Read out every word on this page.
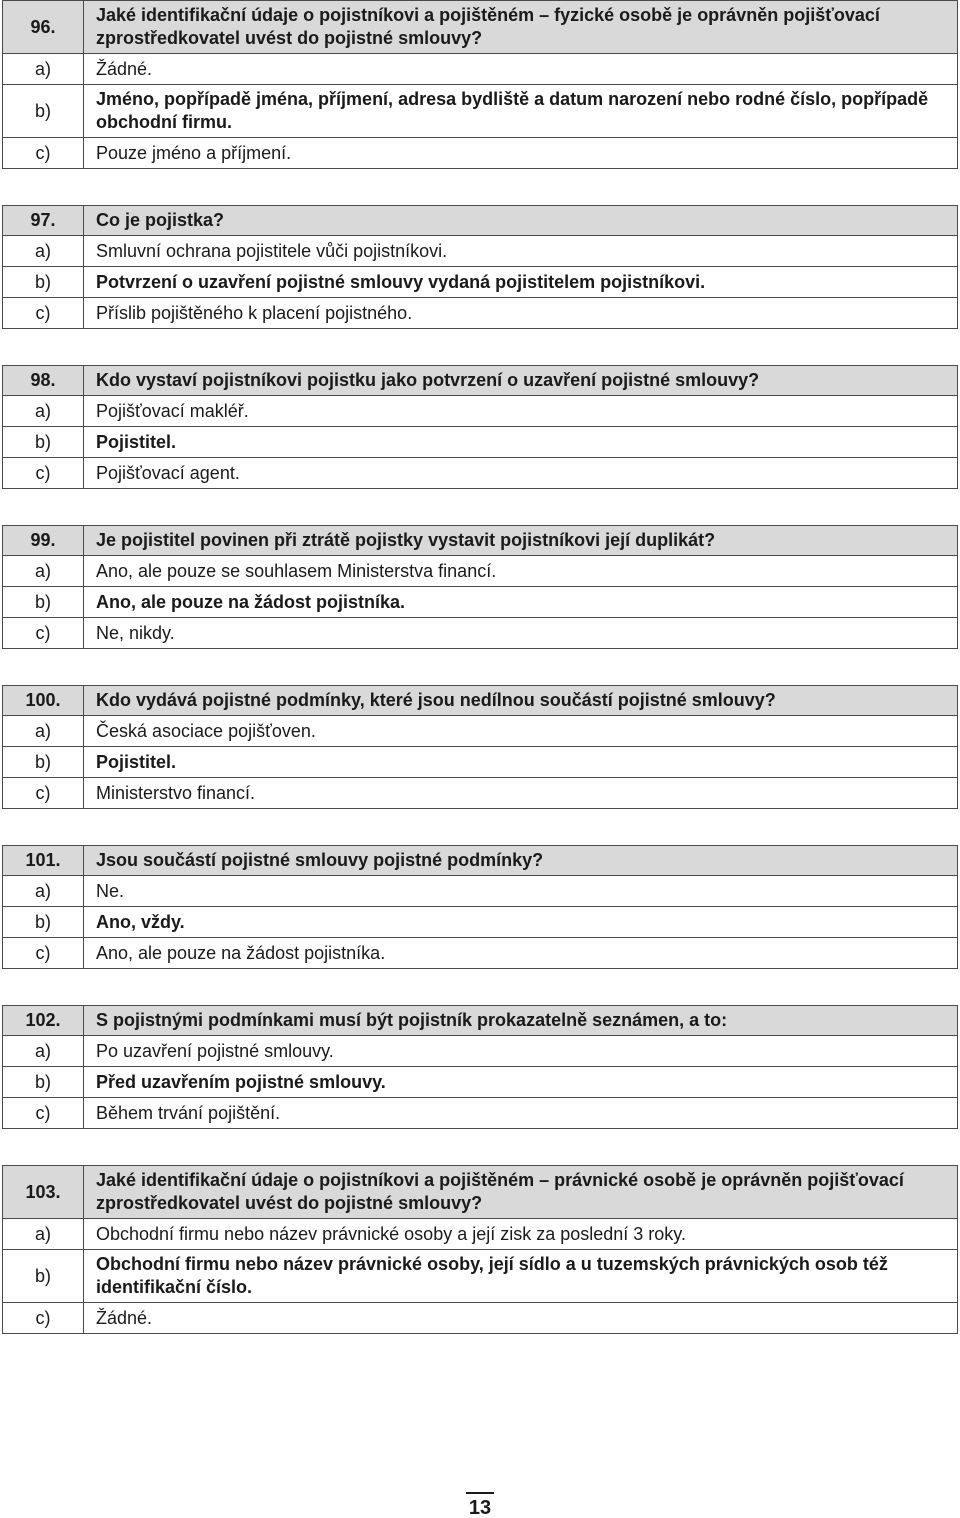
96.	Jaké identifikační údaje o pojistníkovi a pojištěném – fyzické osobě je oprávněn pojišťovací zprostředkovatel uvést do pojistné smlouvy?
a)	Žádné.
b)	Jméno, popřípadě jména, příjmení, adresa bydliště a datum narození nebo rodné číslo, popřípadě obchodní firmu.
c)	Pouze jméno a příjmení.
97.	Co je pojistka?
a)	Smluvní ochrana pojistitele vůči pojistníkovi.
b)	Potvrzení o uzavření pojistné smlouvy vydaná pojistitelem pojistníkovi.
c)	Příslib pojištěného k placení pojistného.
98.	Kdo vystaví pojistníkovi pojistku jako potvrzení o uzavření pojistné smlouvy?
a)	Pojišťovací makléř.
b)	Pojistitel.
c)	Pojišťovací agent.
99.	Je pojistitel povinen při ztrátě pojistky vystavit pojistníkovi její duplikát?
a)	Ano, ale pouze se souhlasem Ministerstva financí.
b)	Ano, ale pouze na žádost pojistníka.
c)	Ne, nikdy.
100.	Kdo vydává pojistné podmínky, které jsou nedílnou součástí pojistné smlouvy?
a)	Česká asociace pojišťoven.
b)	Pojistitel.
c)	Ministerstvo financí.
101.	Jsou součástí pojistné smlouvy pojistné podmínky?
a)	Ne.
b)	Ano, vždy.
c)	Ano, ale pouze na žádost pojistníka.
102.	S pojistnými podmínkami musí být pojistník prokazatelně seznámen, a to:
a)	Po uzavření pojistné smlouvy.
b)	Před uzavřením pojistné smlouvy.
c)	Během trvání pojištění.
103.	Jaké identifikační údaje o pojistníkovi a pojištěném – právnické osobě je oprávněn pojišťovací zprostředkovatel uvést do pojistné smlouvy?
a)	Obchodní firmu nebo název právnické osoby a její zisk za poslední 3 roky.
b)	Obchodní firmu nebo název právnické osoby, její sídlo a u tuzemských právnických osob též identifikační číslo.
c)	Žádné.
13
